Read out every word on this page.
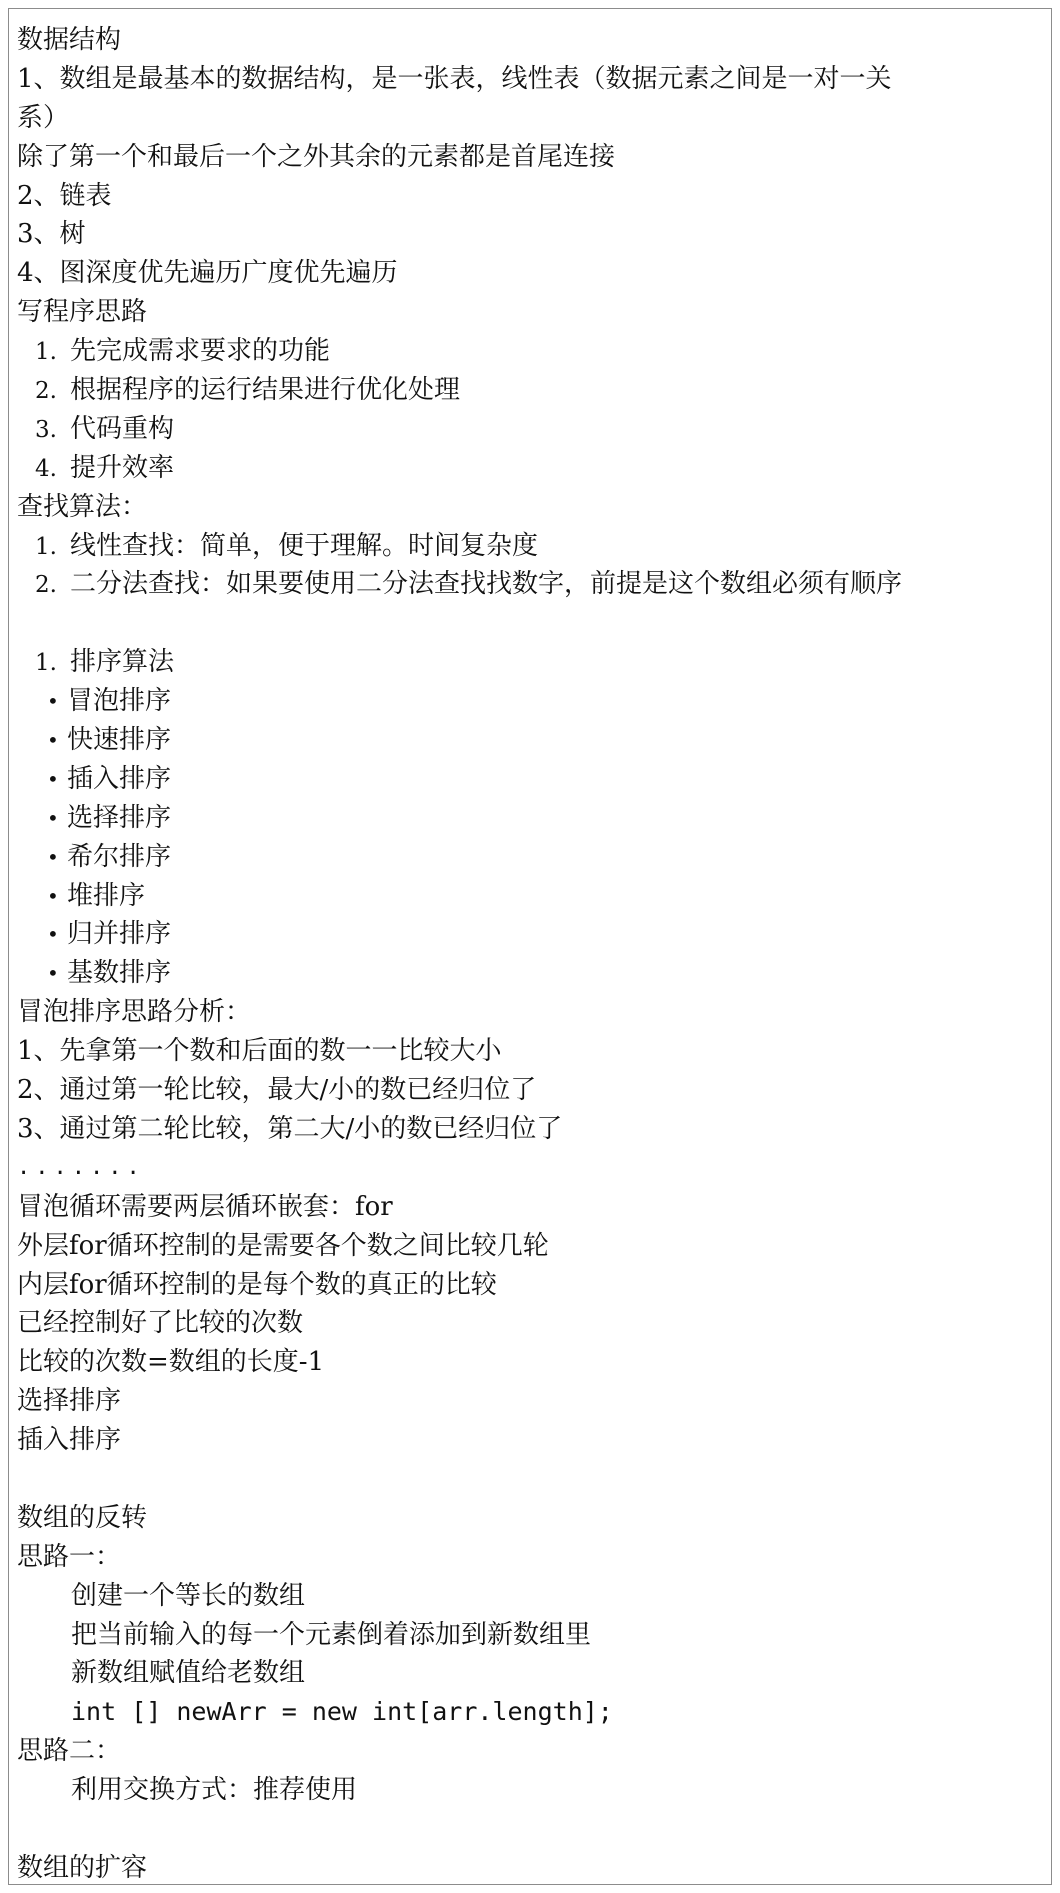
数据结构
1、数组是最基本的数据结构，是一张表，线性表（数据元素之间是一对一关
系）
除了第一个和最后一个之外其余的元素都是首尾连接
2、链表
3、树
4、图深度优先遍历广度优先遍历
写程序思路
1. 先完成需求要求的功能
2. 根据程序的运行结果进行优化处理
3. 代码重构
4. 提升效率
查找算法：
1. 线性查找：简单，便于理解。时间复杂度
2. 二分法查找：如果要使用二分法查找找数字，前提是这个数组必须有顺序
1. 排序算法
• 冒泡排序
• 快速排序
• 插入排序
• 选择排序
• 希尔排序
• 堆排序
• 归并排序
• 基数排序
冒泡排序思路分析：
1、先拿第一个数和后面的数一一比较大小
2、通过第一轮比较，最大/小的数已经归位了
3、通过第二轮比较，第二大/小的数已经归位了
.......
冒泡循环需要两层循环嵌套：for
外层for循环控制的是需要各个数之间比较几轮
内层for循环控制的是每个数的真正的比较
已经控制好了比较的次数
比较的次数=数组的长度-1
选择排序
插入排序
数组的反转
思路一：
创建一个等长的数组
把当前输入的每一个元素倒着添加到新数组里
新数组赋值给老数组
int [] newArr = new int[arr.length];
思路二：
利用交换方式：推荐使用
数组的扩容
